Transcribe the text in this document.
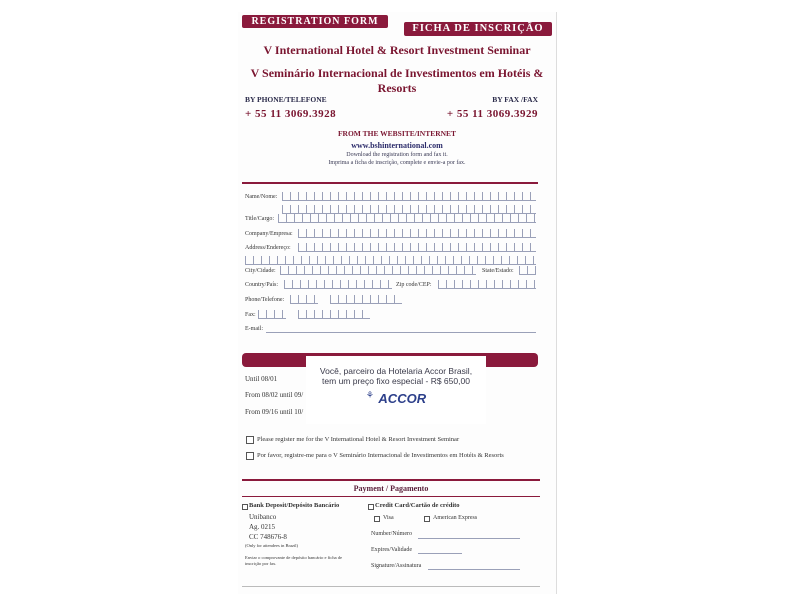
REGISTRATION FORM
FICHA DE INSCRIÇÃO
V International Hotel & Resort Investment Seminar
V Seminário Internacional de Investimentos em Hotéis & Resorts
BY PHONE/TELEFONE	BY FAX /FAX
+ 55 11 3069.3928	+ 55 11 3069.3929
FROM THE WEBSITE/INTERNET
www.bshinternational.com
Download the registration form and fax it.
Imprima a ficha de inscrição, complete e envie-a por fax.
Name/Nome:
Title/Cargo:
Company/Empresa:
Address/Endereço:
City/Cidade:	State/Estado:
Country/País:	Zip code/CEP:
Phone/Telefone:
Fax:
E-mail:
Until 08/01
From 08/02 until 09/
From 09/16 until 10/
Você, parceiro da Hotelaria Accor Brasil,
tem um preço fixo especial - R$ 650,00
⚘ ACCOR
Please register me for the V International Hotel & Resort Investment Seminar
Por favor, registre-me para o V Seminário Internacional de Investimentos em Hotéis & Resorts
Payment / Pagamento
Bank Deposit/Depósito Bancário
Unibanco
Ag. 0215
CC 748676-8
(Only for attendees in Brazil)
Enviar o comprovante de depósito bancário e ficha de
inscrição por fax.
Credit Card/Cartão de crédito
Visa	American Express
Number/Número
Expires/Validade
Signature/Assinatura
